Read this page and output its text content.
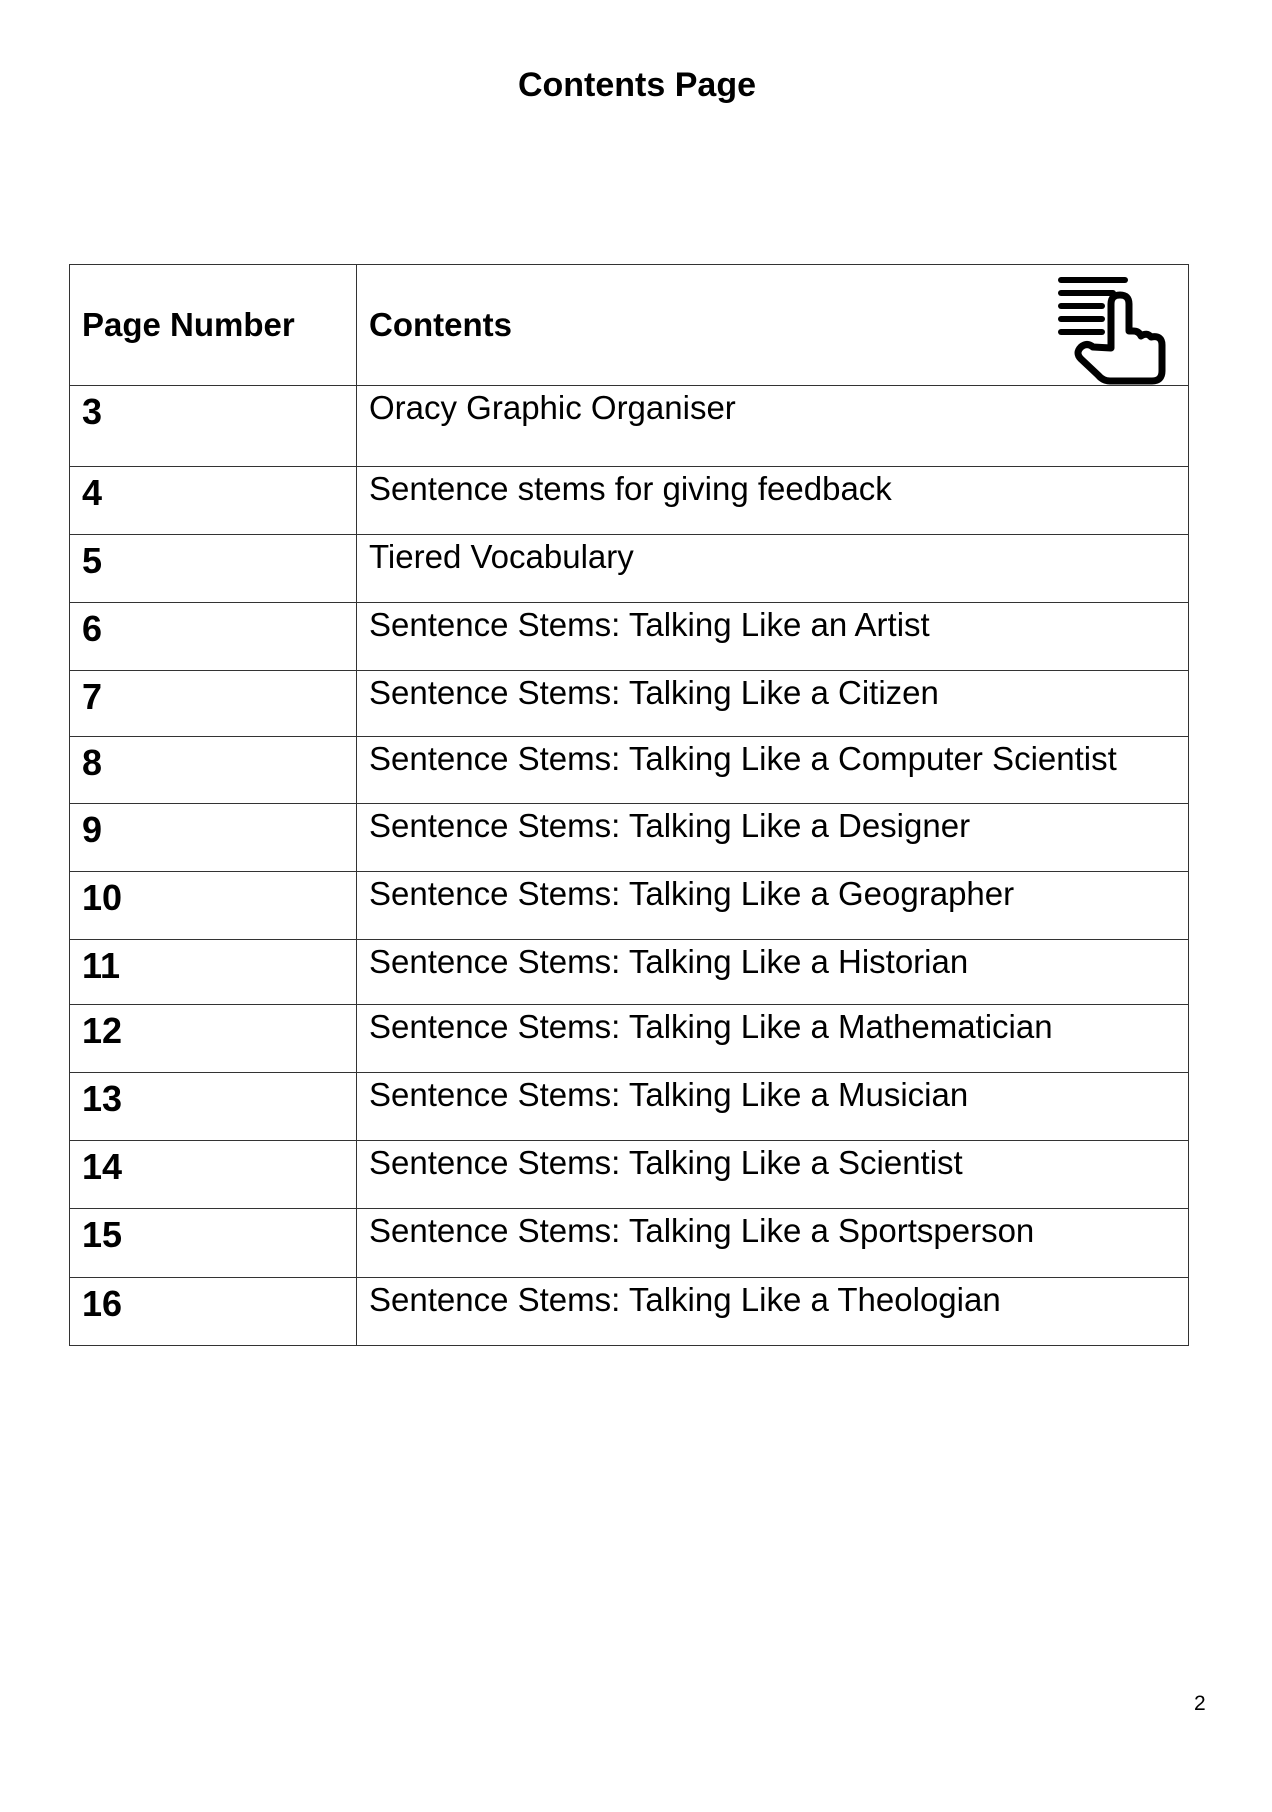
Contents Page
Page Number	Contents

3	Oracy Graphic Organiser
4	Sentence stems for giving feedback
5	Tiered Vocabulary
6	Sentence Stems: Talking Like an Artist
7	Sentence Stems: Talking Like a Citizen
8	Sentence Stems: Talking Like a Computer Scientist
9	Sentence Stems: Talking Like a Designer
10	Sentence Stems: Talking Like a Geographer
11	Sentence Stems: Talking Like a Historian
12	Sentence Stems: Talking Like a Mathematician
13	Sentence Stems: Talking Like a Musician
14	Sentence Stems: Talking Like a Scientist
15	Sentence Stems: Talking Like a Sportsperson
16	Sentence Stems: Talking Like a Theologian
2
